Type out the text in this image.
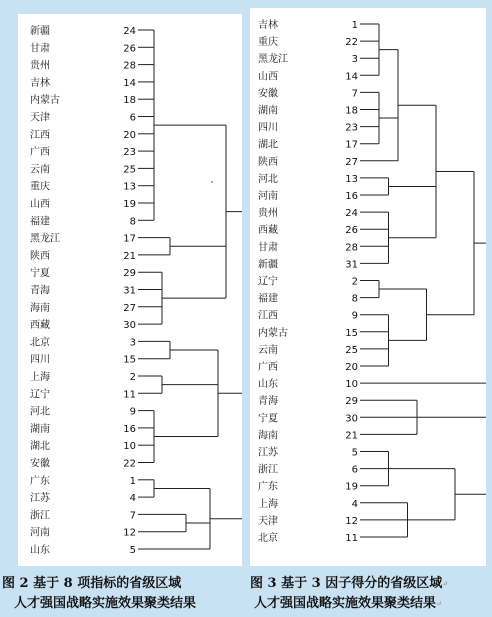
新疆	24
甘肃	26
贵州	28
吉林	14
内蒙古	18
天津	6
江西	20
广西	23
云南	25
重庆	13
山西	19
福建	8
黑龙江	17
陕西	21
宁夏	29
青海	31
海南	27
西藏	30
北京	3
四川	15
上海	2
辽宁	11
河北	9
湖南	16
湖北	10
安徽	22
广东	1
江苏	4
浙江	7
河南	12
山东	5
吉林	1
重庆	22
黑龙江	3
山西	14
安徽	7
湖南	18
四川	23
湖北	17
陕西	27
河北	13
河南	16
贵州	24
西藏	26
甘肃	28
新疆	31
辽宁	2
福建	8
江西	9
内蒙古	15
云南	25
广西	20
山东	10
青海	29
宁夏	30
海南	21
江苏	5
浙江	6
广东	19
上海	4
天津	12
北京	11
图 2 基于 8 项指标的省级区域
人才强国战略实施效果聚类结果
图 3 基于 3 因子得分的省级区域↵
人才强国战略实施效果聚类结果↵
